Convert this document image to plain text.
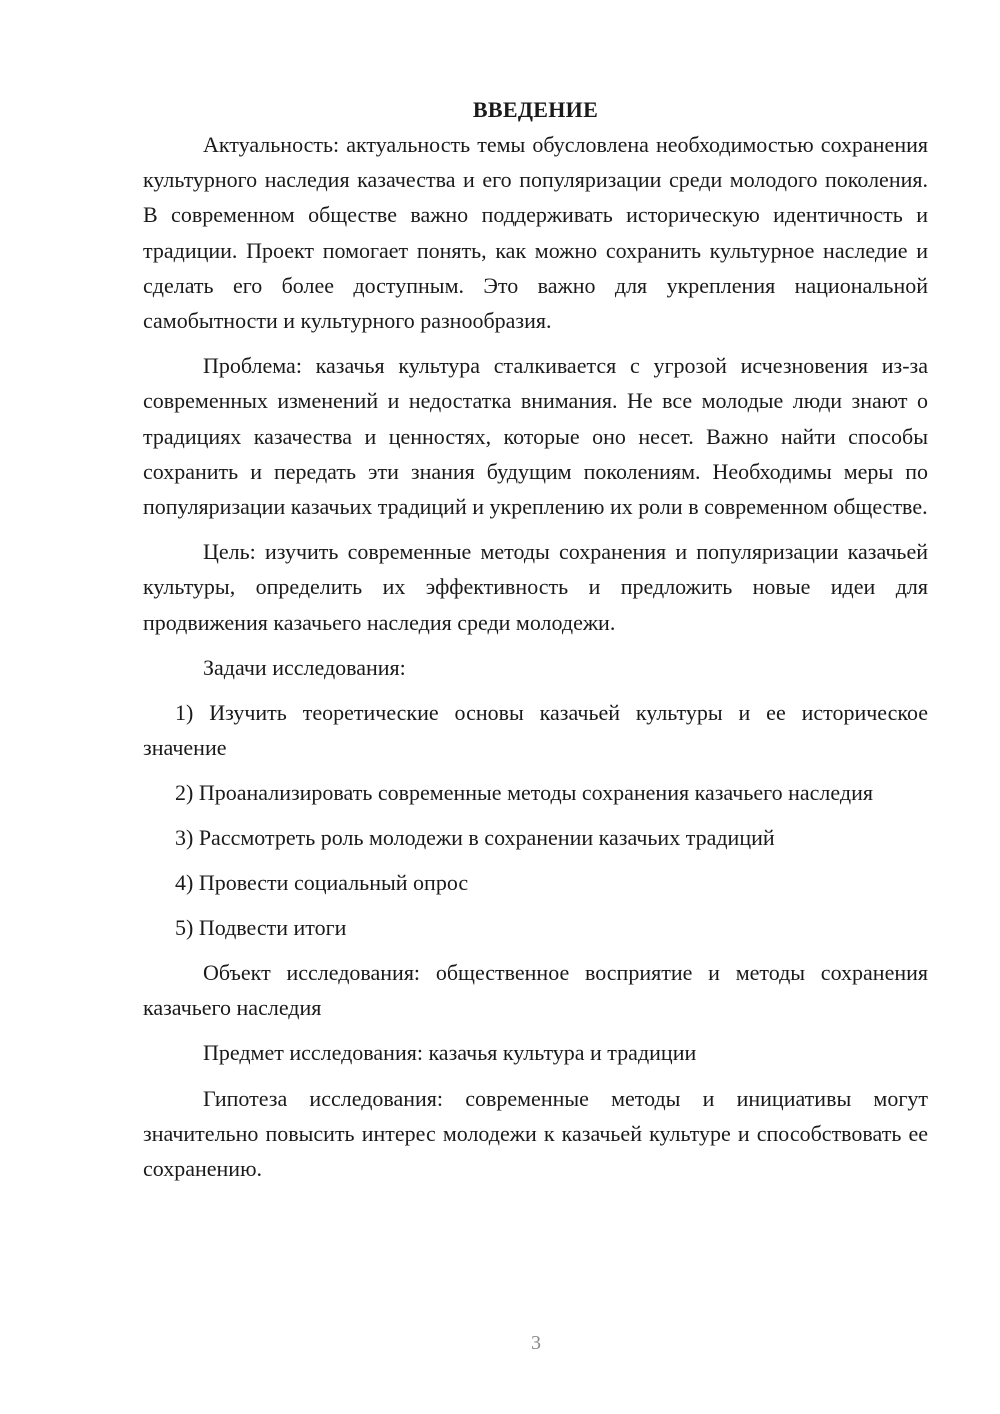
ВВЕДЕНИЕ

Актуальность: актуальность темы обусловлена необходимостью сохранения культурного наследия казачества и его популяризации среди молодого поколения. В современном обществе важно поддерживать историческую идентичность и традиции. Проект помогает понять, как можно сохранить культурное наследие и сделать его более доступным. Это важно для укрепления национальной самобытности и культурного разнообразия.

Проблема: казачья культура сталкивается с угрозой исчезновения из-за современных изменений и недостатка внимания. Не все молодые люди знают о традициях казачества и ценностях, которые оно несет. Важно найти способы сохранить и передать эти знания будущим поколениям. Необходимы меры по популяризации казачьих традиций и укреплению их роли в современном обществе.

Цель: изучить современные методы сохранения и популяризации казачьей культуры, определить их эффективность и предложить новые идеи для продвижения казачьего наследия среди молодежи.

Задачи исследования:

1) Изучить теоретические основы казачьей культуры и ее историческое значение

2) Проанализировать современные методы сохранения казачьего наследия

3) Рассмотреть роль молодежи в сохранении казачьих традиций

4) Провести социальный опрос

5) Подвести итоги

Объект исследования: общественное восприятие и методы сохранения казачьего наследия

Предмет исследования: казачья культура и традиции

Гипотеза исследования: современные методы и инициативы могут значительно повысить интерес молодежи к казачьей культуре и способствовать ее сохранению.

3
